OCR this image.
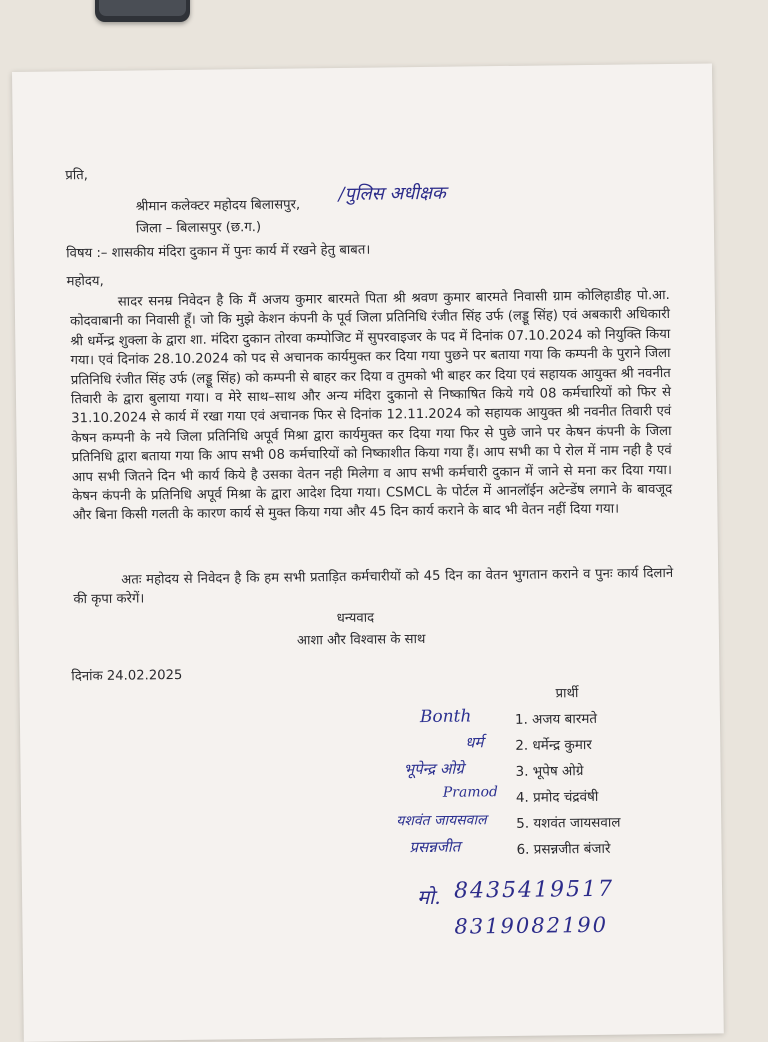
प्रति,
श्रीमान कलेक्टर महोदय बिलासपुर,
/पुलिस अधीक्षक
जिला – बिलासपुर (छ.ग.)
विषय :– शासकीय मंदिरा दुकान में पुनः कार्य में रखने हेतु बाबत।
महोदय,
सादर सनम्र निवेदन है कि मैं अजय कुमार बारमते पिता श्री श्रवण कुमार बारमते निवासी ग्राम कोलिहाडीह पो.आ. कोदवाबानी का निवासी हूँ। जो कि मुझे केशन कंपनी के पूर्व जिला प्रतिनिधि रंजीत सिंह उर्फ (लड्डू सिंह) एवं अबकारी अधिकारी श्री धर्मेन्द्र शुक्ला के द्वारा शा. मंदिरा दुकान तोरवा कम्पोजिट में सुपरवाइजर के पद में दिनांक 07.10.2024 को नियुक्ति किया गया। एवं दिनांक 28.10.2024 को पद से अचानक कार्यमुक्त कर दिया गया पुछने पर बताया गया कि कम्पनी के पुराने जिला प्रतिनिधि रंजीत सिंह उर्फ (लड्डू सिंह) को कम्पनी से बाहर कर दिया व तुमको भी बाहर कर दिया एवं सहायक आयुक्त श्री नवनीत तिवारी के द्वारा बुलाया गया। व मेरे साथ–साथ और अन्य मंदिरा दुकानो से निष्काषित किये गये 08 कर्मचारियों को फिर से 31.10.2024 से कार्य में रखा गया एवं अचानक फिर से दिनांक 12.11.2024 को सहायक आयुक्त श्री नवनीत तिवारी एवं केषन कम्पनी के नये जिला प्रतिनिधि अपूर्व मिश्रा द्वारा कार्यमुक्त कर दिया गया फिर से पुछे जाने पर केषन कंपनी के जिला प्रतिनिधि द्वारा बताया गया कि आप सभी 08 कर्मचारियों को निष्काशीत किया गया हैं। आप सभी का पे रोल में नाम नही है एवं आप सभी जितने दिन भी कार्य किये है उसका वेतन नही मिलेगा व आप सभी कर्मचारी दुकान में जाने से मना कर दिया गया। केषन कंपनी के प्रतिनिधि अपूर्व मिश्रा के द्वारा आदेश दिया गया। CSMCL के पोर्टल में आनलॉईन अटेन्डेंष लगाने के बावजूद और बिना किसी गलती के कारण कार्य से मुक्त किया गया और 45 दिन कार्य कराने के बाद भी वेतन नहीं दिया गया।
अतः महोदय से निवेदन है कि हम सभी प्रताड़ित कर्मचारीयों को 45 दिन का वेतन भुगतान कराने व पुनः कार्य दिलाने की कृपा करेगें।
धन्यवाद
आशा और विश्वास के साथ
दिनांक 24.02.2025
प्रार्थी
1. अजय बारमते
2. धर्मेन्द्र कुमार
3. भूपेष ओग्रे
4. प्रमोद चंद्रवंषी
5. यशवंत जायसवाल
6. प्रसन्नजीत बंजारे
Bonth
धर्म
भूपेन्द्र ओग्रे
Pramod
यशवंत जायसवाल
प्रसन्नजीत
मो. 8435419517
8319082190
